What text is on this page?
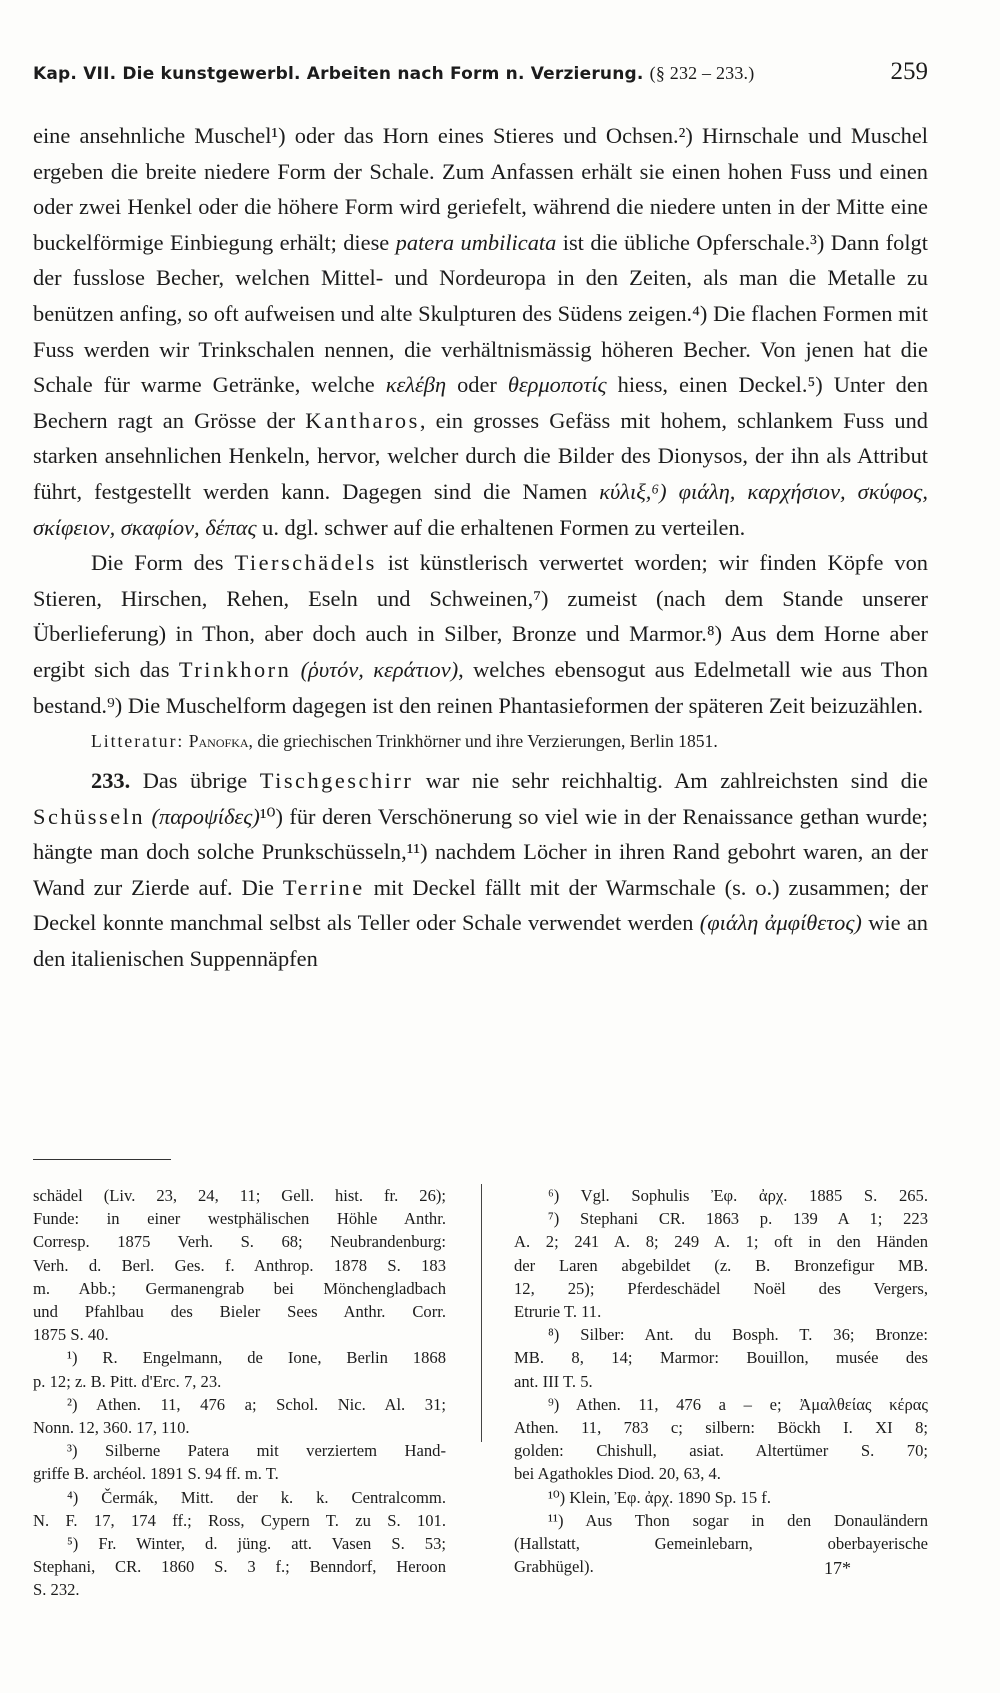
Kap. VII. Die kunstgewerbl. Arbeiten nach Form n. Verzierung. (§ 232 – 233.)	259

eine ansehnliche Muschel¹) oder das Horn eines Stieres und Ochsen.²) Hirnschale und Muschel ergeben die breite niedere Form der Schale. Zum Anfassen erhält sie einen hohen Fuss und einen oder zwei Henkel oder die höhere Form wird geriefelt, während die niedere unten in der Mitte eine buckelförmige Einbiegung erhält; diese patera umbilicata ist die übliche Opferschale.³) Dann folgt der fusslose Becher, welchen Mittel- und Nordeuropa in den Zeiten, als man die Metalle zu benützen anfing, so oft aufweisen und alte Skulpturen des Südens zeigen.⁴) Die flachen Formen mit Fuss werden wir Trinkschalen nennen, die verhältnismässig höheren Becher. Von jenen hat die Schale für warme Getränke, welche κελέβη oder θερμοποτίς hiess, einen Deckel.⁵) Unter den Bechern ragt an Grösse der Kantharos, ein grosses Gefäss mit hohem, schlankem Fuss und starken ansehnlichen Henkeln, hervor, welcher durch die Bilder des Dionysos, der ihn als Attribut führt, festgestellt werden kann. Dagegen sind die Namen κύλιξ,⁶) φιάλη, καρχήσιον, σκύφος, σκίφειον, σκαφίον, δέπας u. dgl. schwer auf die erhaltenen Formen zu verteilen.

Die Form des Tierschädels ist künstlerisch verwertet worden; wir finden Köpfe von Stieren, Hirschen, Rehen, Eseln und Schweinen,⁷) zumeist (nach dem Stande unserer Überlieferung) in Thon, aber doch auch in Silber, Bronze und Marmor.⁸) Aus dem Horne aber ergibt sich das Trinkhorn (ῥυτόν, κεράτιον), welches ebensogut aus Edelmetall wie aus Thon bestand.⁹) Die Muschelform dagegen ist den reinen Phantasieformen der späteren Zeit beizuzählen.

Litteratur: Panofka, die griechischen Trinkhörner und ihre Verzierungen, Berlin 1851.

233. Das übrige Tischgeschirr war nie sehr reichhaltig. Am zahlreichsten sind die Schüsseln (παροψίδες)¹⁰) für deren Verschönerung so viel wie in der Renaissance gethan wurde; hängte man doch solche Prunkschüsseln,¹¹) nachdem Löcher in ihren Rand gebohrt waren, an der Wand zur Zierde auf. Die Terrine mit Deckel fällt mit der Warmschale (s. o.) zusammen; der Deckel konnte manchmal selbst als Teller oder Schale verwendet werden (φιάλη ἀμφίθετος) wie an den italienischen Suppennäpfen

schädel (Liv. 23, 24, 11; Gell. hist. fr. 26);
Funde: in einer westphälischen Höhle Anthr.
Corresp. 1875 Verh. S. 68; Neubrandenburg:
Verh. d. Berl. Ges. f. Anthrop. 1878 S. 183
m. Abb.; Germanengrab bei Mönchengladbach
und Pfahlbau des Bieler Sees Anthr. Corr.
1875 S. 40.
¹) R. Engelmann, de Ione, Berlin 1868
p. 12; z. B. Pitt. d'Erc. 7, 23.
²) Athen. 11, 476 a; Schol. Nic. Al. 31;
Nonn. 12, 360. 17, 110.
³) Silberne Patera mit verziertem Hand-
griffe B. archéol. 1891 S. 94 ff. m. T.
⁴) Čermák, Mitt. der k. k. Centralcomm.
N. F. 17, 174 ff.; Ross, Cypern T. zu S. 101.
⁵) Fr. Winter, d. jüng. att. Vasen S. 53;
Stephani, CR. 1860 S. 3 f.; Benndorf, Heroon
S. 232.
⁶) Vgl. Sophulis Ἐφ. ἀρχ. 1885 S. 265.
⁷) Stephani CR. 1863 p. 139 A 1; 223
A. 2; 241 A. 8; 249 A. 1; oft in den Händen
der Laren abgebildet (z. B. Bronzefigur MB.
12, 25); Pferdeschädel Noël des Vergers,
Etrurie T. 11.
⁸) Silber: Ant. du Bosph. T. 36; Bronze:
MB. 8, 14; Marmor: Bouillon, musée des
ant. III T. 5.
⁹) Athen. 11, 476 a – e; Ἀμαλθείας κέρας
Athen. 11, 783 c; silbern: Böckh I. XI 8;
golden: Chishull, asiat. Altertümer S. 70;
bei Agathokles Diod. 20, 63, 4.
¹⁰) Klein, Ἐφ. ἀρχ. 1890 Sp. 15 f.
¹¹) Aus Thon sogar in den Donauländern
(Hallstatt, Gemeinlebarn, oberbayerische
Grabhügel).	17*
